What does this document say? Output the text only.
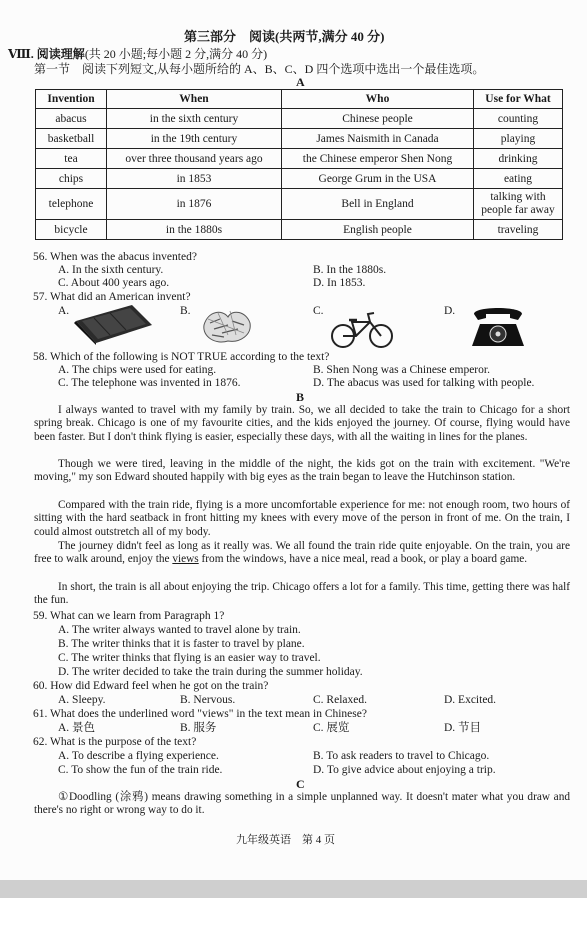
第三部分　阅读(共两节,满分 40 分)
Ⅷ. 阅读理解(共 20 小题;每小题 2 分,满分 40 分)
第一节　阅读下列短文,从每小题所给的 A、B、C、D 四个选项中选出一个最佳选项。
A
Invention	When	Who	Use for What
abacus	in the sixth century	Chinese people	counting
basketball	in the 19th century	James Naismith in Canada	playing
tea	over three thousand years ago	the Chinese emperor Shen Nong	drinking
chips	in 1853	George Grum in the USA	eating
telephone	in 1876	Bell in England	talking with people far away
bicycle	in the 1880s	English people	traveling
56. When was the abacus invented?
A. In the sixth century.	B. In the 1880s.
C. About 400 years ago.	D. In 1853.
57. What did an American invent?
A.	B.	C.	D.
58. Which of the following is NOT TRUE according to the text?
A. The chips were used for eating.	B. Shen Nong was a Chinese emperor.
C. The telephone was invented in 1876.	D. The abacus was used for talking with people.
B
I always wanted to travel with my family by train. So, we all decided to take the train to Chicago for a short spring break. Chicago is one of my favourite cities, and the kids enjoyed the journey. Of course, flying would have been faster. But I don't think flying is easier, especially these days, with all the waiting in lines for the planes.
Though we were tired, leaving in the middle of the night, the kids got on the train with excitement. "We're moving," my son Edward shouted happily with big eyes as the train began to leave the Hutchinson station.
Compared with the train ride, flying is a more uncomfortable experience for me: not enough room, two hours of sitting with the hard seatback in front hitting my knees with every move of the person in front of me. On the train, I could almost outstretch all of my body.
The journey didn't feel as long as it really was. We all found the train ride quite enjoyable. On the train, you are free to walk around, enjoy the views from the windows, have a nice meal, read a book, or play a board game.
In short, the train is all about enjoying the trip. Chicago offers a lot for a family. This time, getting there was half the fun.
59. What can we learn from Paragraph 1?
A. The writer always wanted to travel alone by train.
B. The writer thinks that it is faster to travel by plane.
C. The writer thinks that flying is an easier way to travel.
D. The writer decided to take the train during the summer holiday.
60. How did Edward feel when he got on the train?
A. Sleepy.	B. Nervous.	C. Relaxed.	D. Excited.
61. What does the underlined word "views" in the text mean in Chinese?
A. 景色	B. 服务	C. 展览	D. 节目
62. What is the purpose of the text?
A. To describe a flying experience.	B. To ask readers to travel to Chicago.
C. To show the fun of the train ride.	D. To give advice about enjoying a trip.
C
①Doodling (涂鸦) means drawing something in a simple unplanned way. It doesn't mater what you draw and there's no right or wrong way to do it.
九年级英语　第 4 页
